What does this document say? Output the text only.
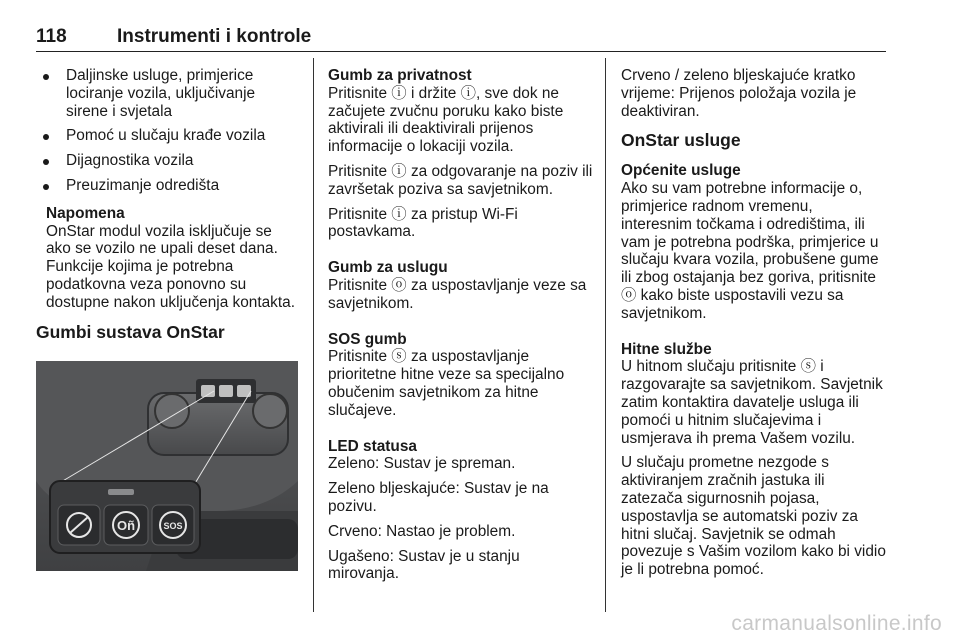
118	Instrumenti i kontrole
Daljinske usluge, primjerice lociranje vozila, uključivanje sirene i svjetala
Pomoć u slučaju krađe vozila
Dijagnostika vozila
Preuzimanje odredišta
Napomena

OnStar modul vozila isključuje se ako se vozilo ne upali deset dana. Funkcije kojima je potrebna podatkovna veza ponovno su dostupne nakon uključenja kontakta.

Gumbi sustava OnStar
Oñ	SOS
Gumb za privatnost

Pritisnite ⓘ i držite ⓘ, sve dok ne začujete zvučnu poruku kako biste aktivirali ili deaktivirali prijenos informacije o lokaciji vozila.

Pritisnite ⓘ za odgovaranje na poziv ili završetak poziva sa savjetnikom.

Pritisnite ⓘ za pristup Wi-Fi postavkama.

Gumb za uslugu

Pritisnite ⓞ za uspostavljanje veze sa savjetnikom.

SOS gumb

Pritisnite ⓢ za uspostavljanje prioritetne hitne veze sa specijalno obučenim savjetnikom za hitne slučajeve.

LED statusa

Zeleno: Sustav je spreman.

Zeleno bljeskajuće: Sustav je na pozivu.

Crveno: Nastao je problem.

Ugašeno: Sustav je u stanju mirovanja.

Crveno / zeleno bljeskajuće kratko vrijeme: Prijenos položaja vozila je deaktiviran.

OnStar usluge
Općenite usluge

Ako su vam potrebne informacije o, primjerice radnom vremenu, interesnim točkama i odredištima, ili vam je potrebna podrška, primjerice u slučaju kvara vozila, probušene gume ili zbog ostajanja bez goriva, pritisnite ⓞ kako biste uspostavili vezu sa savjetnikom.

Hitne službe

U hitnom slučaju pritisnite ⓢ i razgovarajte sa savjetnikom. Savjetnik zatim kontaktira davatelje usluga ili pomoći u hitnim slučajevima i usmjerava ih prema Vašem vozilu.

U slučaju prometne nezgode s aktiviranjem zračnih jastuka ili zatezača sigurnosnih pojasa, uspostavlja se automatski poziv za hitni slučaj. Savjetnik se odmah povezuje s Vašim vozilom kako bi vidio je li potrebna pomoć.

carmanualsonline.info
